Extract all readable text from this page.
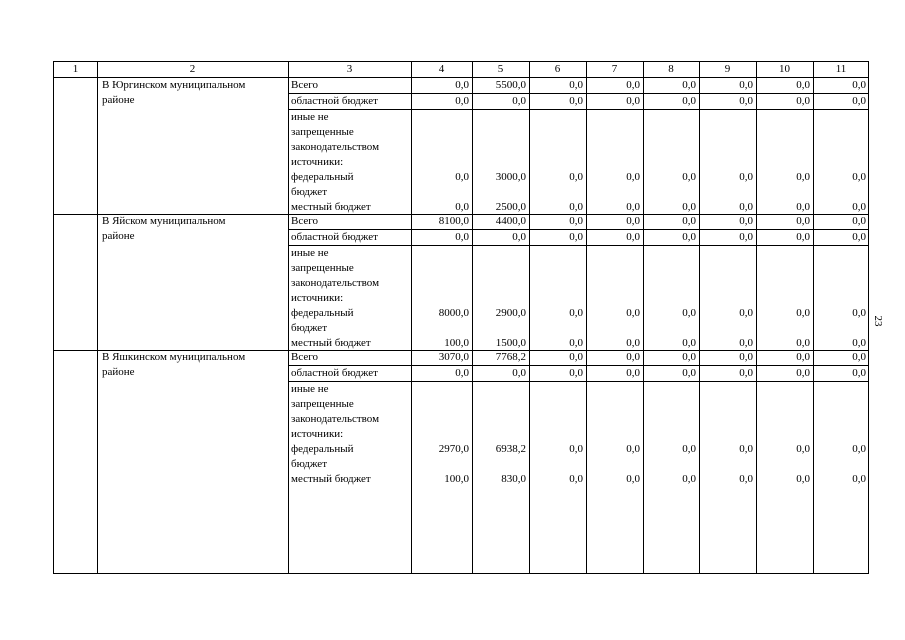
1	2	3	4	5	6	7	8	9	10	11
В Юргинском муниципальном
районе
Всего	0,0	5500,0	0,0	0,0	0,0	0,0	0,0	0,0
областной бюджет	0,0	0,0	0,0	0,0	0,0	0,0	0,0	0,0
иные не
запрещенные
законодательством
источники:
федеральный
бюджет
0,0	3000,0	0,0	0,0	0,0	0,0	0,0	0,0
местный бюджет	0,0	2500,0	0,0	0,0	0,0	0,0	0,0	0,0
В Яйском муниципальном
районе
Всего	8100,0	4400,0	0,0	0,0	0,0	0,0	0,0	0,0
областной бюджет	0,0	0,0	0,0	0,0	0,0	0,0	0,0	0,0
иные не
запрещенные
законодательством
источники:
федеральный
бюджет
8000,0	2900,0	0,0	0,0	0,0	0,0	0,0	0,0
местный бюджет	100,0	1500,0	0,0	0,0	0,0	0,0	0,0	0,0
В Яшкинском муниципальном
районе
Всего	3070,0	7768,2	0,0	0,0	0,0	0,0	0,0	0,0
областной бюджет	0,0	0,0	0,0	0,0	0,0	0,0	0,0	0,0
иные не
запрещенные
законодательством
источники:
федеральный
бюджет
2970,0	6938,2	0,0	0,0	0,0	0,0	0,0	0,0
местный бюджет	100,0	830,0	0,0	0,0	0,0	0,0	0,0	0,0
23
